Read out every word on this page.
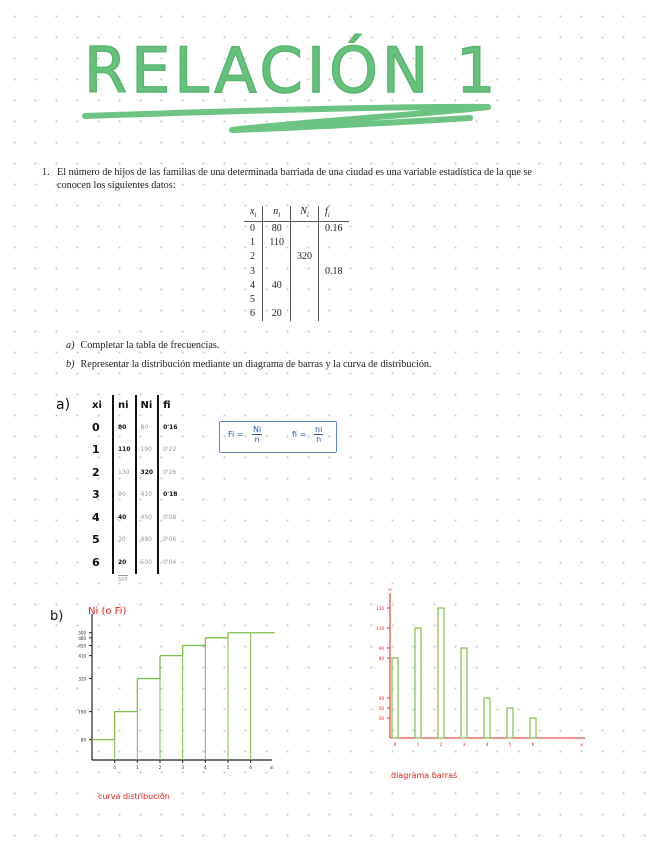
RELACIÓN 1
1. El número de hijos de las familias de una determinada barriada de una ciudad es una variable estadística de la que se conocen los siguientes datos:
$x_i$	$n_i$	$N_i$	$f_i$
0	80		0.16
1	110		
2		320	
3			0.18
4	40		
5			
6	20		
a) Completar la tabla de frecuencias.
b) Representar la distribución mediante un diagrama de barras y la curva de distribución.
a) xi	ni	Ni	fi
0	80	80	0'16
1	110	190	0'22
2	130	320	0'26
3	90	410	0'18
4	40	450	0'08
5	30	480	0'06
6	20	500	0'04
500
$Fi = \frac{Ni}{n}$	fi = $\frac{ni}{n}$
b) Ni (o Fi)
curva distribución
diagrama barras
80
0
190
1
320
2
410
3
450
4
480
5
500
6	xi
80
0
110
1
130
2
90
3
40
4
30
5
20
6
ni
xi
